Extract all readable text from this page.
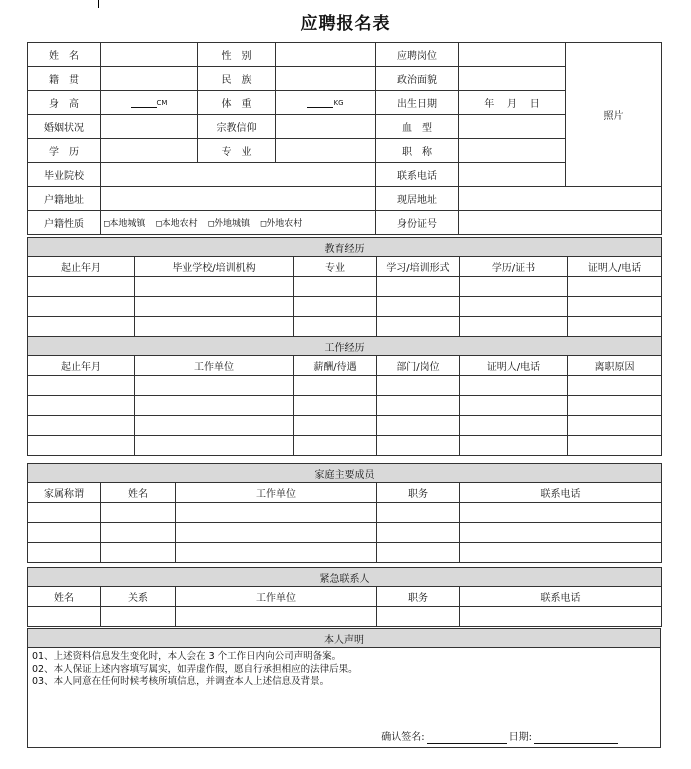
应聘报名表
姓　名		性　别		应聘岗位		照片
籍　贯		民　族		政治面貌		
身　高	CM	体　重	KG	出生日期	年 月 日	
婚姻状况		宗教信仰		血　型		
学　历		专　业		职　称		
毕业院校				联系电话		
户籍地址				现居地址		
户籍性质	□本地城镇 □本地农村 □外地城镇 □外地农村			身份证号		
教育经历					
起止年月	毕业学校/培训机构	专业	学习/培训形式	学历/证书	证明人/电话

工作经历					
起止年月	工作单位	薪酬/待遇	部门/岗位	证明人/电话	离职原因

家庭主要成员				
家属称谓	姓名	工作单位	职务	联系电话

紧急联系人				
姓名	关系	工作单位	职务	联系电话

本人声明

01、上述资料信息发生变化时，本人会在 3 个工作日内向公司声明备案。
02、本人保证上述内容填写属实，如弄虚作假，愿自行承担相应的法律后果。
03、本人同意在任何时候考核所填信息，并调查本人上述信息及背景。
确认签名:	日期:
